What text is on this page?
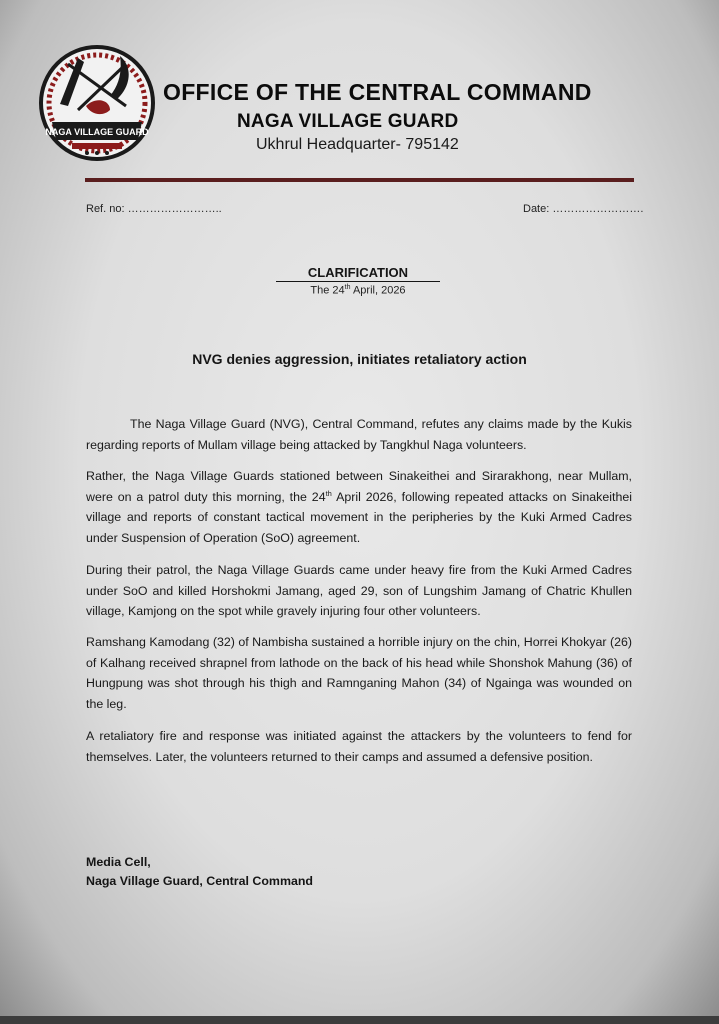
NAGA VILLAGE GUARD
OFFICE OF THE CENTRAL COMMAND
NAGA VILLAGE GUARD
Ukhrul Headquarter- 795142
Ref. no: ……………………..	Date: …………………….
CLARIFICATION
The 24th April, 2026
NVG denies aggression, initiates retaliatory action
The Naga Village Guard (NVG), Central Command, refutes any claims made by the Kukis regarding reports of Mullam village being attacked by Tangkhul Naga volunteers.
Rather, the Naga Village Guards stationed between Sinakeithei and Sirarakhong, near Mullam, were on a patrol duty this morning, the 24th April 2026, following repeated attacks on Sinakeithei village and reports of constant tactical movement in the peripheries by the Kuki Armed Cadres under Suspension of Operation (SoO) agreement.
During their patrol, the Naga Village Guards came under heavy fire from the Kuki Armed Cadres under SoO and killed Horshokmi Jamang, aged 29, son of Lungshim Jamang of Chatric Khullen village, Kamjong on the spot while gravely injuring four other volunteers.
Ramshang Kamodang (32) of Nambisha sustained a horrible injury on the chin, Horrei Khokyar (26) of Kalhang received shrapnel from lathode on the back of his head while Shonshok Mahung (36) of Hungpung was shot through his thigh and Ramnganing Mahon (34) of Ngainga was wounded on the leg.
A retaliatory fire and response was initiated against the attackers by the volunteers to fend for themselves. Later, the volunteers returned to their camps and assumed a defensive position.
Media Cell,
Naga Village Guard, Central Command
